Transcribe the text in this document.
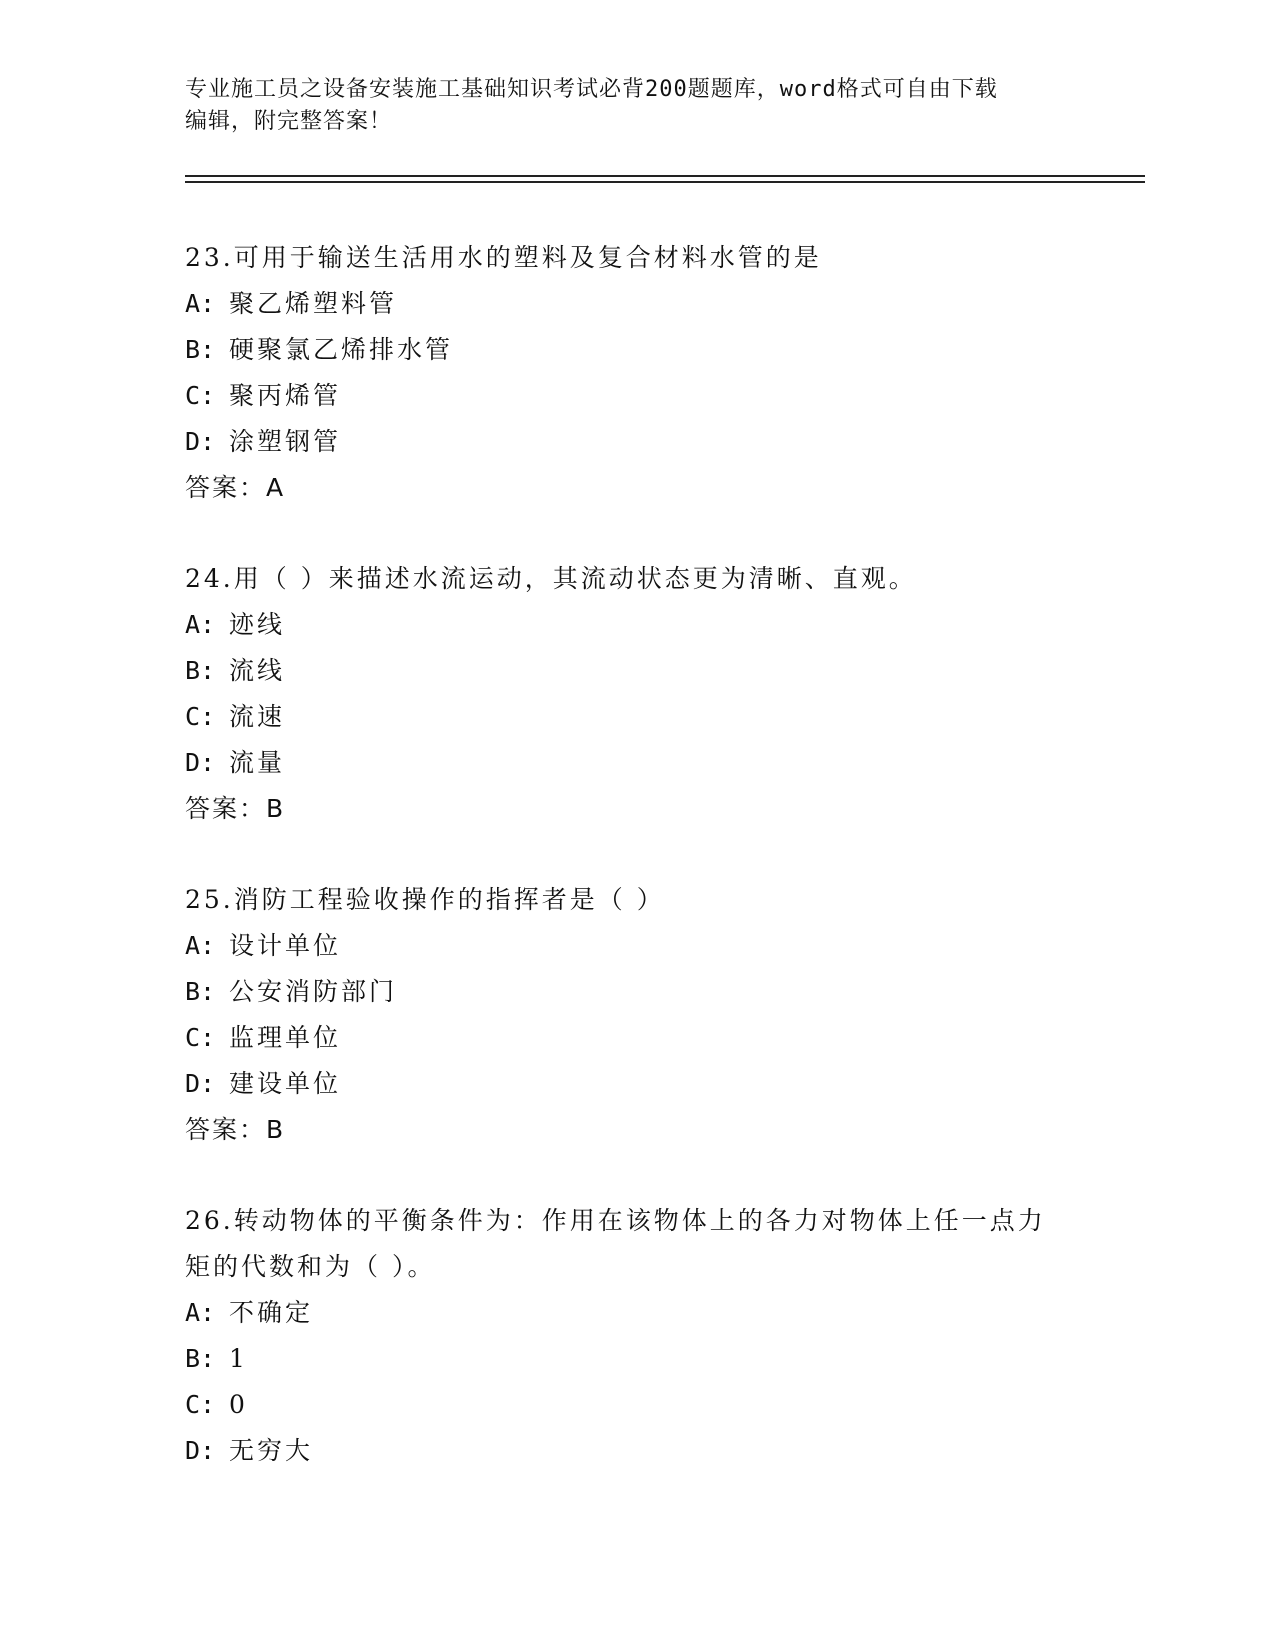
专业施工员之设备安装施工基础知识考试必背200题题库，word格式可自由下载
编辑，附完整答案！
23.可用于输送生活用水的塑料及复合材料水管的是
A: 聚乙烯塑料管
B: 硬聚氯乙烯排水管
C: 聚丙烯管
D: 涂塑钢管
答案：A
24.用（ ）来描述水流运动，其流动状态更为清晰、直观。
A: 迹线
B: 流线
C: 流速
D: 流量
答案：B
25.消防工程验收操作的指挥者是（ ）
A: 设计单位
B: 公安消防部门
C: 监理单位
D: 建设单位
答案：B
26.转动物体的平衡条件为：作用在该物体上的各力对物体上任一点力
矩的代数和为（ ）。
A: 不确定
B: 1
C: 0
D: 无穷大
